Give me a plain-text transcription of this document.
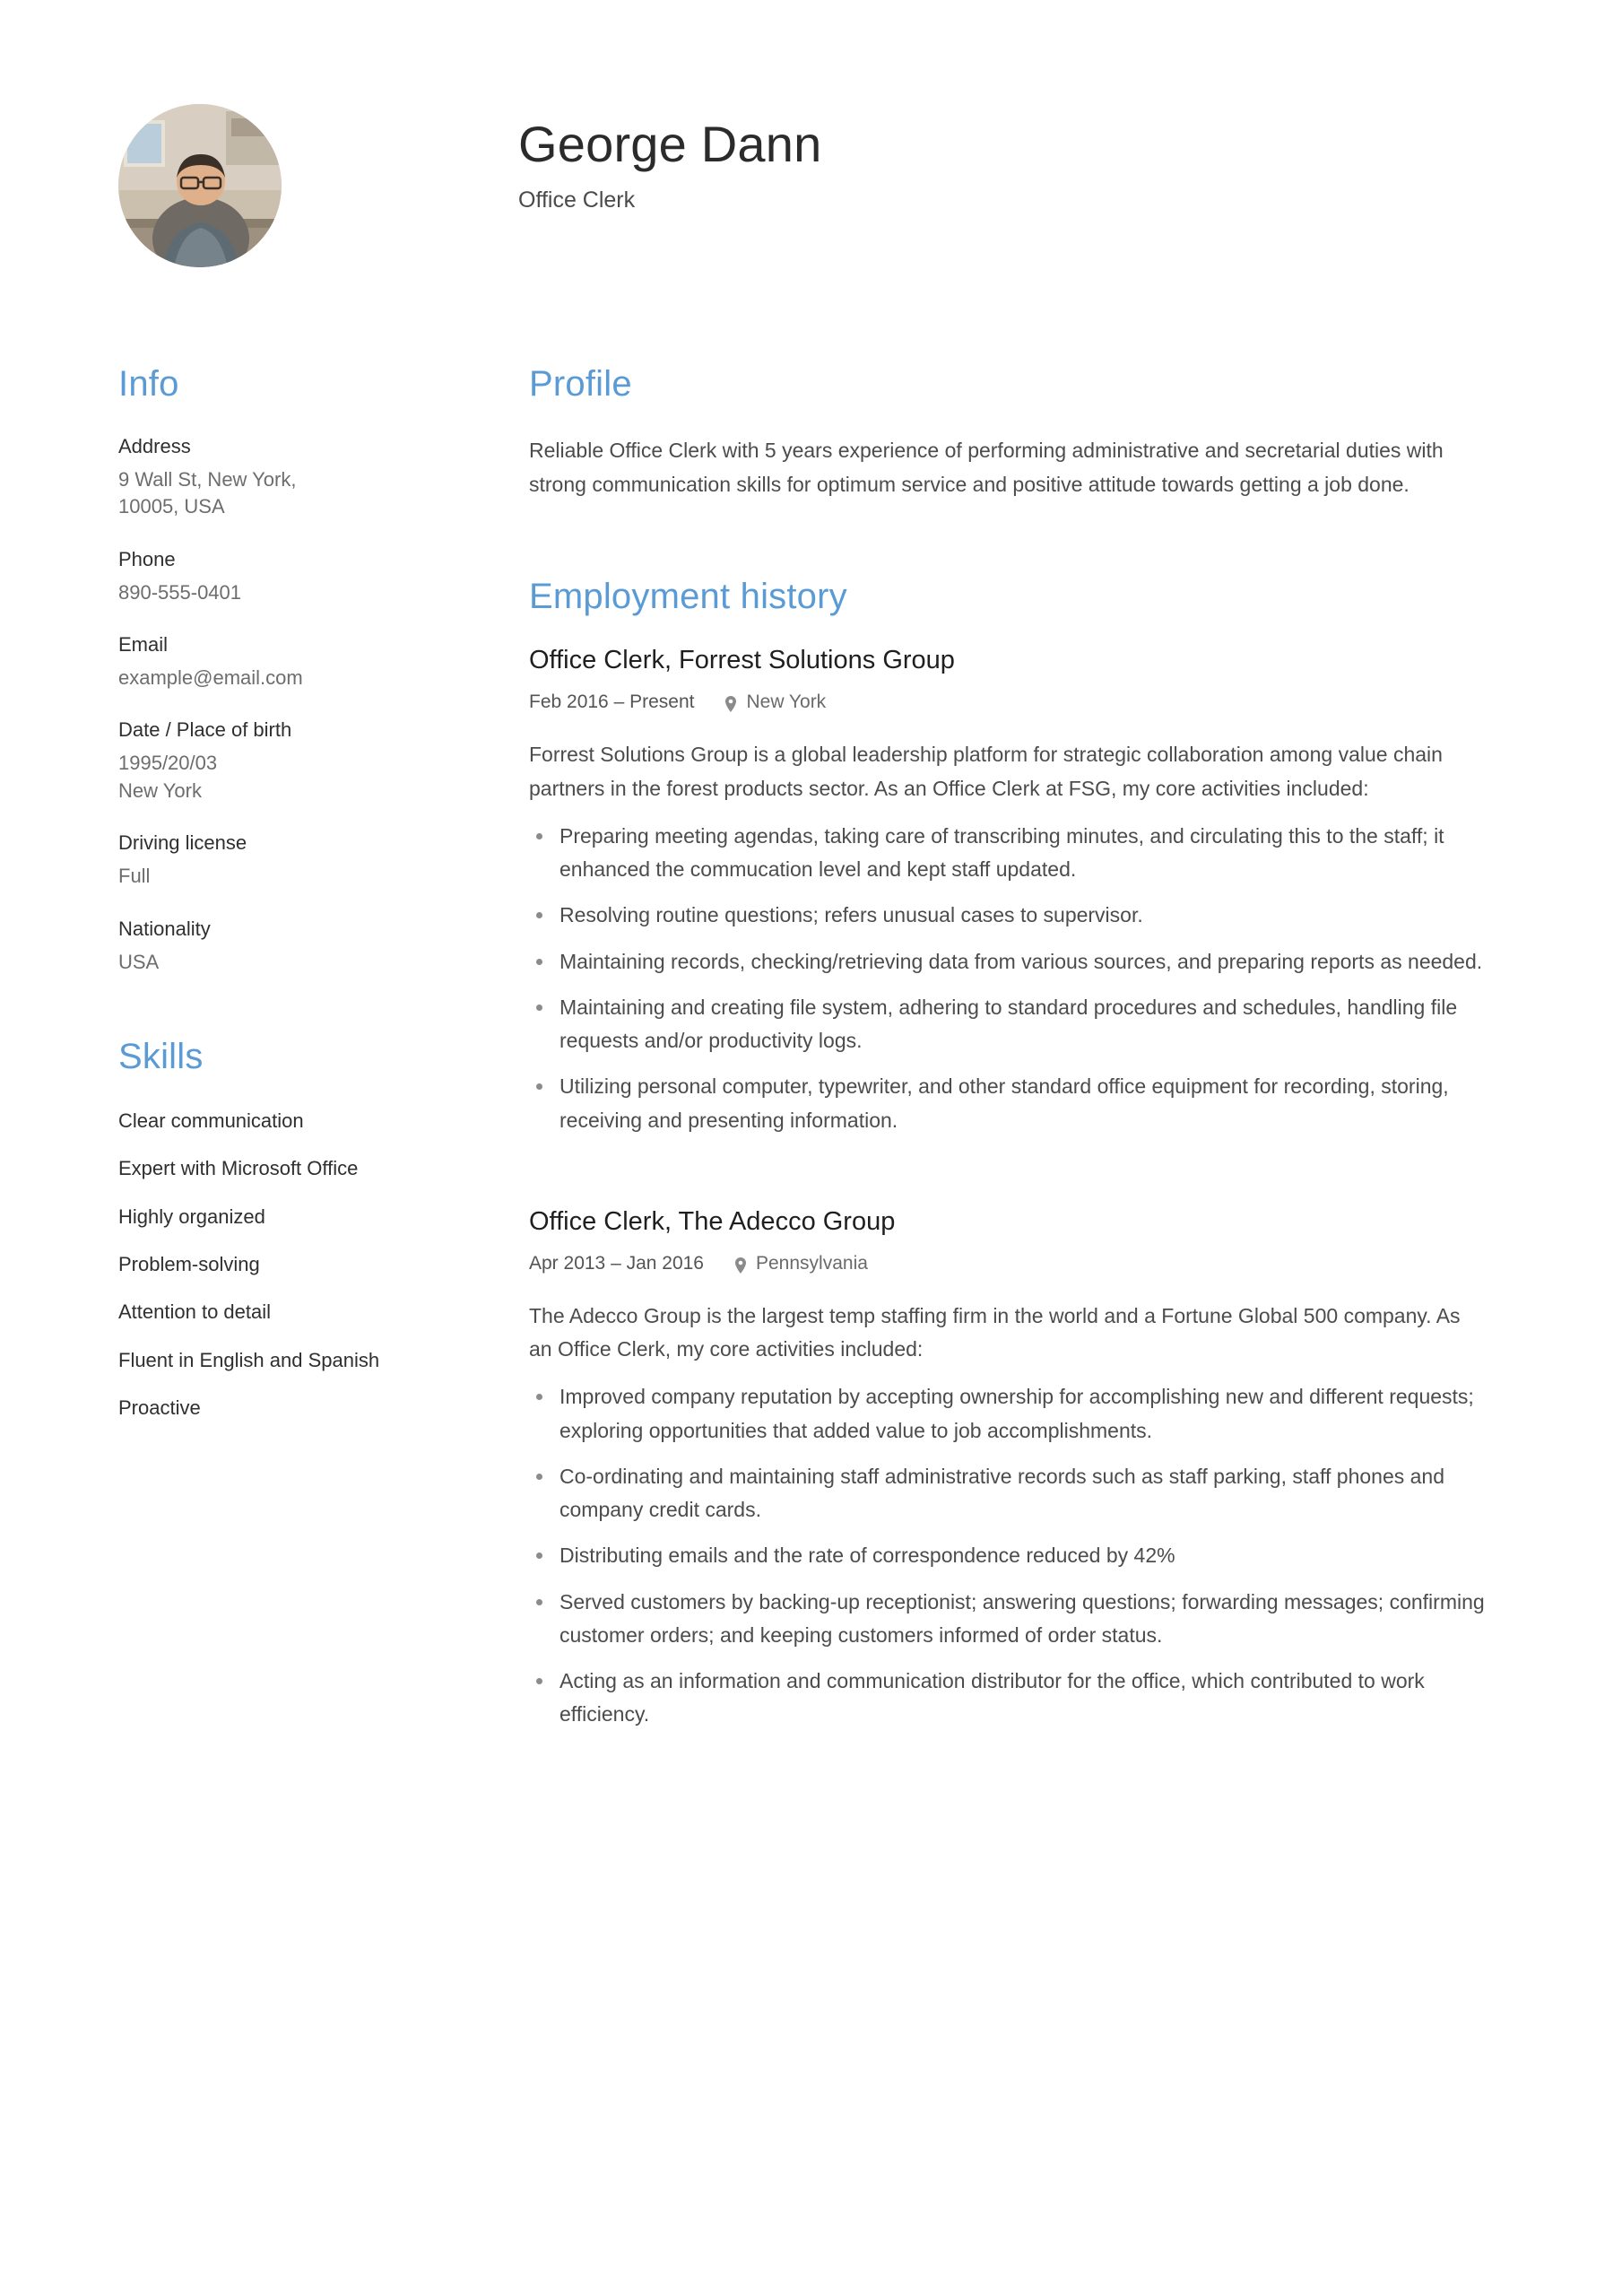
George Dann
Office Clerk
Info
Address
9 Wall St, New York,
10005, USA
Phone
890-555-0401
Email
example@email.com
Date / Place of birth
1995/20/03
New York
Driving license
Full
Nationality
USA
Skills
Clear communication
Expert with Microsoft Office
Highly organized
Problem-solving
Attention to detail
Fluent in English and Spanish
Proactive
Profile

Reliable Office Clerk with 5 years experience of performing administrative and secretarial duties with strong communication skills for optimum service and positive attitude towards getting a job done.

Employment history
Office Clerk, Forrest Solutions Group
Feb 2016 – Present	New York
Forrest Solutions Group is a global leadership platform for strategic collaboration among value chain partners in the forest products sector. As an Office Clerk at FSG, my core activities included:
Preparing meeting agendas, taking care of transcribing minutes, and circulating this to the staff; it enhanced the commucation level and kept staff updated.
Resolving routine questions; refers unusual cases to supervisor.
Maintaining records, checking/retrieving data from various sources, and preparing reports as needed.
Maintaining and creating file system, adhering to standard procedures and schedules, handling file requests and/or productivity logs.
Utilizing personal computer, typewriter, and other standard office equipment for recording, storing, receiving and presenting information.
Office Clerk, The Adecco Group
Apr 2013 – Jan 2016	Pennsylvania
The Adecco Group is the largest temp staffing firm in the world and a Fortune Global 500 company. As an Office Clerk, my core activities included:
Improved company reputation by accepting ownership for accomplishing new and different requests; exploring opportunities that added value to job accomplishments.
Co-ordinating and maintaining staff administrative records such as staff parking, staff phones and company credit cards.
Distributing emails and the rate of correspondence reduced by 42%
Served customers by backing-up receptionist; answering questions; forwarding messages; confirming customer orders; and keeping customers informed of order status.
Acting as an information and communication distributor for the office, which contributed to work efficiency.
